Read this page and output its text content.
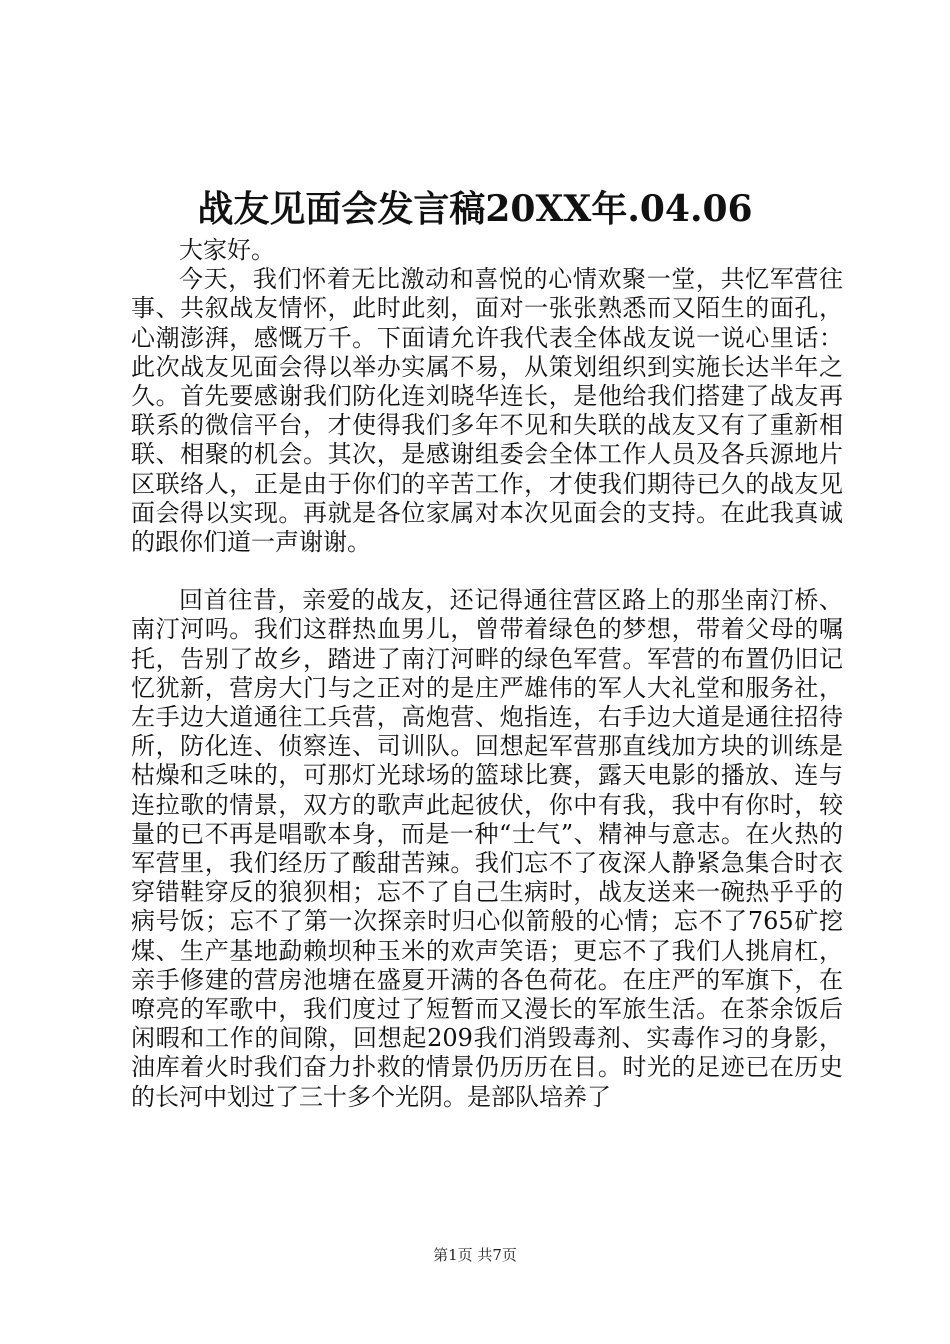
战友见面会发言稿20XX年.04.06

大家好。

今天，我们怀着无比激动和喜悦的心情欢聚一堂，共忆军营往事、共叙战友情怀，此时此刻，面对一张张熟悉而又陌生的面孔，心潮澎湃，感慨万千。下面请允许我代表全体战友说一说心里话：此次战友见面会得以举办实属不易，从策划组织到实施长达半年之久。首先要感谢我们防化连刘晓华连长，是他给我们搭建了战友再联系的微信平台，才使得我们多年不见和失联的战友又有了重新相联、相聚的机会。其次，是感谢组委会全体工作人员及各兵源地片区联络人，正是由于你们的辛苦工作，才使我们期待已久的战友见面会得以实现。再就是各位家属对本次见面会的支持。在此我真诚的跟你们道一声谢谢。

回首往昔，亲爱的战友，还记得通往营区路上的那坐南汀桥、南汀河吗。我们这群热血男儿，曾带着绿色的梦想，带着父母的嘱托，告别了故乡，踏进了南汀河畔的绿色军营。军营的布置仍旧记忆犹新，营房大门与之正对的是庄严雄伟的军人大礼堂和服务社，左手边大道通往工兵营，高炮营、炮指连，右手边大道是通往招待所，防化连、侦察连、司训队。回想起军营那直线加方块的训练是枯燥和乏味的，可那灯光球场的篮球比赛，露天电影的播放、连与连拉歌的情景，双方的歌声此起彼伏，你中有我，我中有你时，较量的已不再是唱歌本身，而是一种“士气”、精神与意志。在火热的军营里，我们经历了酸甜苦辣。我们忘不了夜深人静紧急集合时衣穿错鞋穿反的狼狈相；忘不了自己生病时，战友送来一碗热乎乎的病号饭；忘不了第一次探亲时归心似箭般的心情；忘不了765矿挖煤、生产基地勐赖坝种玉米的欢声笑语；更忘不了我们人挑肩杠，亲手修建的营房池塘在盛夏开满的各色荷花。在庄严的军旗下，在嘹亮的军歌中，我们度过了短暂而又漫长的军旅生活。在茶余饭后闲暇和工作的间隙，回想起209我们消毁毒剂、实毒作习的身影，油库着火时我们奋力扑救的情景仍历历在目。时光的足迹已在历史的长河中划过了三十多个光阴。是部队培养了

第1页 共7页
